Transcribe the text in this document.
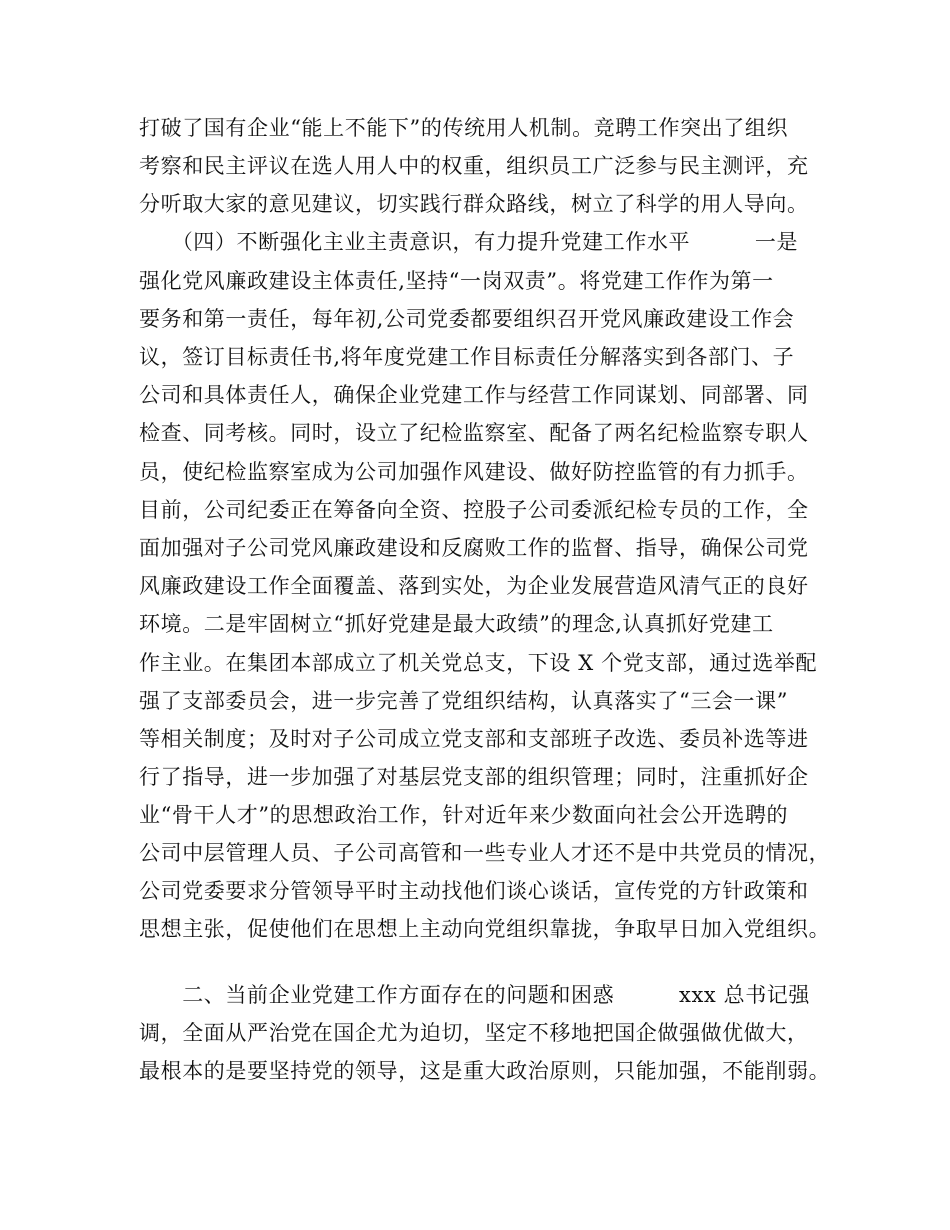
打破了国有企业“能上不能下”的传统用人机制。竞聘工作突出了组织
考察和民主评议在选人用人中的权重，组织员工广泛参与民主测评，充
分听取大家的意见建议，切实践行群众路线，树立了科学的用人导向。
　　（四）不断强化主业主责意识，有力提升党建工作水平　　　一是
强化党风廉政建设主体责任,坚持“一岗双责”。将党建工作作为第一
要务和第一责任，每年初,公司党委都要组织召开党风廉政建设工作会
议，签订目标责任书,将年度党建工作目标责任分解落实到各部门、子
公司和具体责任人，确保企业党建工作与经营工作同谋划、同部署、同
检查、同考核。同时，设立了纪检监察室、配备了两名纪检监察专职人
员，使纪检监察室成为公司加强作风建设、做好防控监管的有力抓手。
目前，公司纪委正在筹备向全资、控股子公司委派纪检专员的工作，全
面加强对子公司党风廉政建设和反腐败工作的监督、指导，确保公司党
风廉政建设工作全面覆盖、落到实处，为企业发展营造风清气正的良好
环境。二是牢固树立“抓好党建是最大政绩”的理念,认真抓好党建工
作主业。在集团本部成立了机关党总支，下设 X 个党支部，通过选举配
强了支部委员会，进一步完善了党组织结构，认真落实了“三会一课”
等相关制度；及时对子公司成立党支部和支部班子改选、委员补选等进
行了指导，进一步加强了对基层党支部的组织管理；同时，注重抓好企
业“骨干人才”的思想政治工作，针对近年来少数面向社会公开选聘的
公司中层管理人员、子公司高管和一些专业人才还不是中共党员的情况，
公司党委要求分管领导平时主动找他们谈心谈话，宣传党的方针政策和
思想主张，促使他们在思想上主动向党组织靠拢，争取早日加入党组织。
　　二、当前企业党建工作方面存在的问题和困惑　　　xxx 总书记强
调，全面从严治党在国企尤为迫切，坚定不移地把国企做强做优做大，
最根本的是要坚持党的领导，这是重大政治原则，只能加强，不能削弱。
